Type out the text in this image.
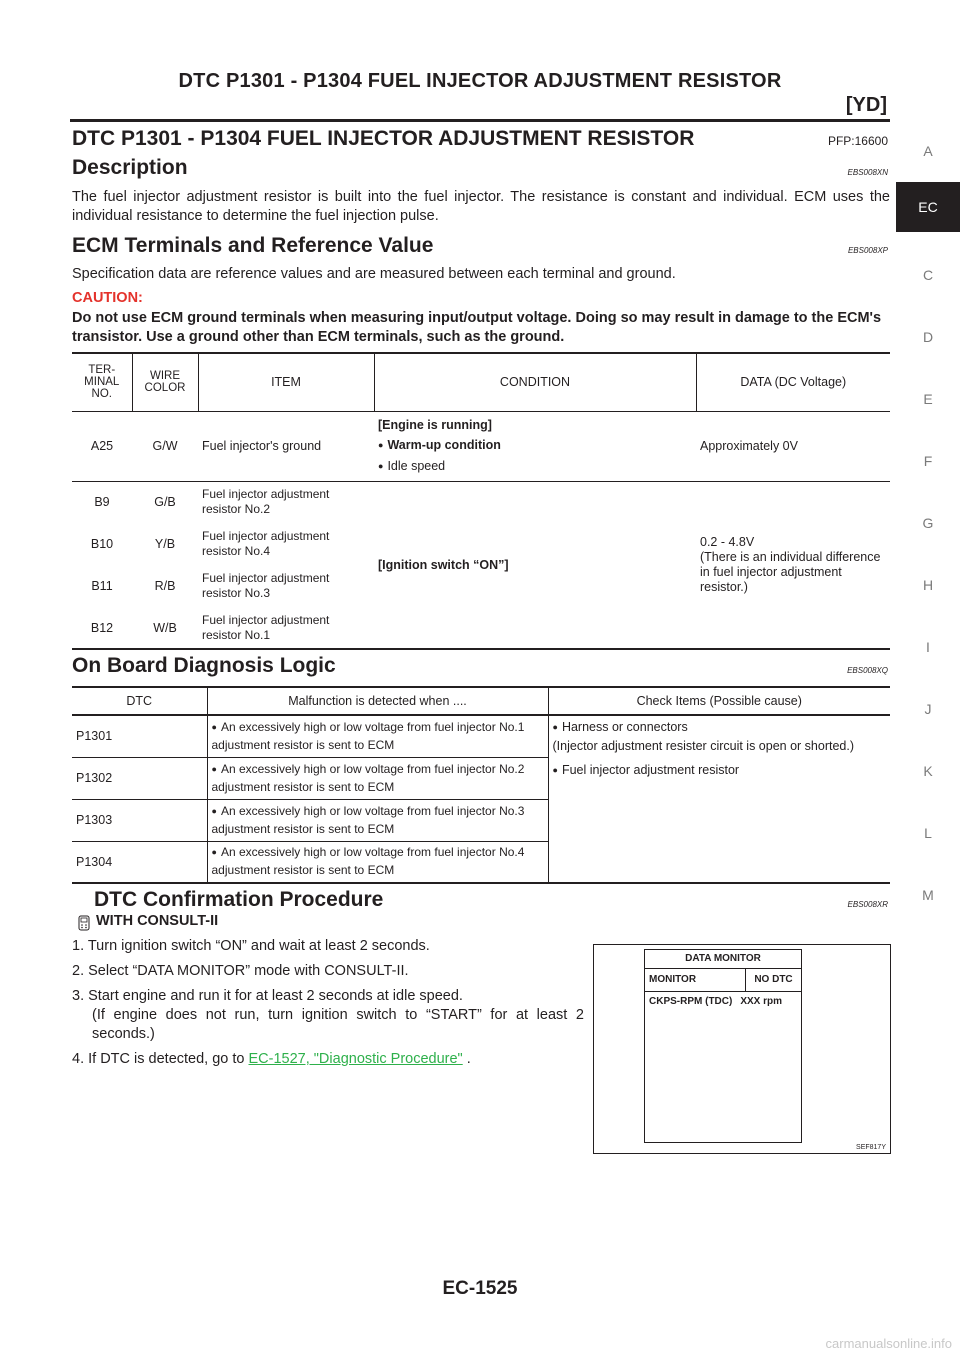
DTC P1301 - P1304 FUEL INJECTOR ADJUSTMENT RESISTOR
[YD]
DTC P1301 - P1304 FUEL INJECTOR ADJUSTMENT RESISTOR	PFP:16600
Description	EBS008XN

The fuel injector adjustment resistor is built into the fuel injector. The resistance is constant and individual. ECM uses the individual resistance to determine the fuel injection pulse.

ECM Terminals and Reference Value	EBS008XP

Specification data are reference values and are measured between each terminal and ground.

CAUTION:
Do not use ECM ground terminals when measuring input/output voltage. Doing so may result in damage to the ECM's transistor. Use a ground other than ECM terminals, such as the ground.
TER-MINAL NO.	WIRE COLOR	ITEM	CONDITION	DATA (DC Voltage)
A25	G/W	Fuel injector's ground	[Engine is running]
● Warm-up condition
● Idle speed	Approximately 0V
B9	G/B	Fuel injector adjustment resistor No.2	[Ignition switch “ON”]	0.2 - 4.8V
(There is an individual difference in fuel injector adjustment resistor.)
B10	Y/B	Fuel injector adjustment resistor No.4		
B11	R/B	Fuel injector adjustment resistor No.3		
B12	W/B	Fuel injector adjustment resistor No.1		
On Board Diagnosis Logic	EBS008XQ
DTC	Malfunction is detected when ....	Check Items (Possible cause)
P1301	● An excessively high or low voltage from fuel injector No.1 adjustment resistor is sent to ECM	● Harness or connectors
(Injector adjustment resister circuit is open or shorted.)
● Fuel injector adjustment resistor

P1302	● An excessively high or low voltage from fuel injector No.2 adjustment resistor is sent to ECM
P1303	● An excessively high or low voltage from fuel injector No.3 adjustment resistor is sent to ECM
P1304	● An excessively high or low voltage from fuel injector No.4 adjustment resistor is sent to ECM
DTC Confirmation Procedure	EBS008XR
WITH CONSULT-II
1. Turn ignition switch “ON” and wait at least 2 seconds.
2. Select “DATA MONITOR” mode with CONSULT-II.
3. Start engine and run it for at least 2 seconds at idle speed.
(If engine does not run, turn ignition switch to “START” for at least 2 seconds.)
4. If DTC is detected, go to EC-1527, "Diagnostic Procedure" .
DATA MONITOR
MONITOR	NO DTC
CKPS-RPM (TDC) XXX rpm
SEF817Y
A
EC
C
D
E
F
G
H
I
J
K
L
M
EC-1525
carmanualsonline.info
